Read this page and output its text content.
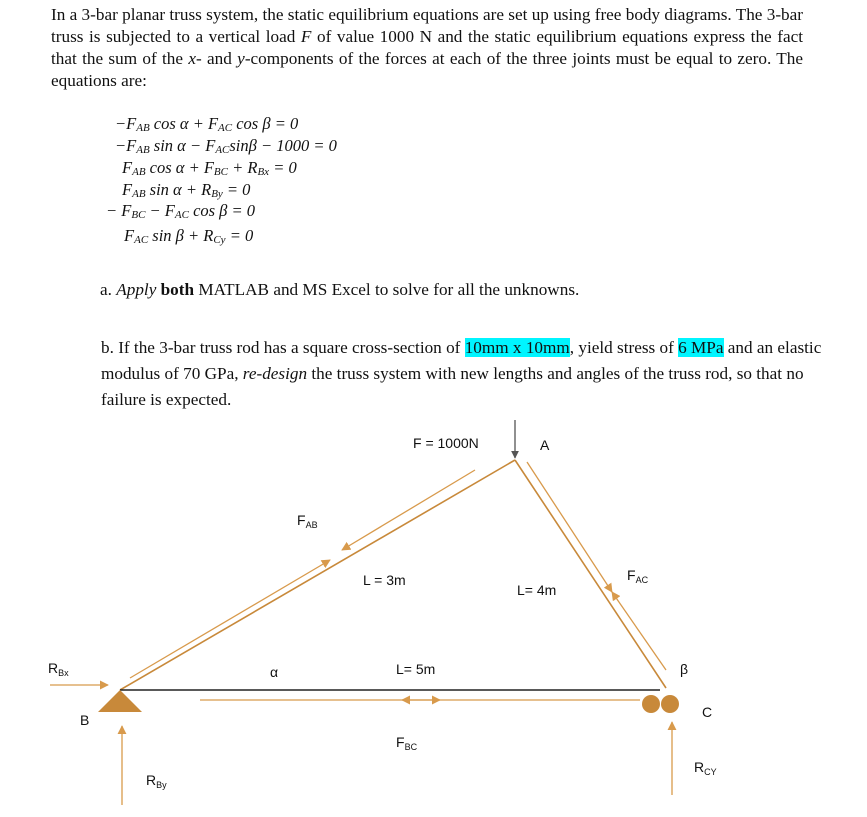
In a 3-bar planar truss system, the static equilibrium equations are set up using free body diagrams. The 3-bar truss is subjected to a vertical load F of value 1000 N and the static equilibrium equations express the fact that the sum of the x- and y-components of the forces at each of the three joints must be equal to zero. The equations are:
$-F_{AB}$ $\cos \alpha + F_{AC}$ cos β = 0
$-F_{AB}$ $\sin \alpha - F_{AC}\sin\beta - 1000 = 0$
$F_{AB}$ $\cos \alpha + F_{BC} + R_{Bx} = 0$
$F_{AB}$ $\sin \alpha + R_{By} = 0$
− $F_{BC} - F_{AC}$ cos β = 0
$F_{AC}$ $\sin \beta + R_{Cy} = 0$
a. Apply both MATLAB and MS Excel to solve for all the unknowns.
b. If the 3-bar truss rod has a square cross-section of 10mm x 10mm, yield stress of 6 MPa and an elastic modulus of 70 GPa, re-design the truss system with new lengths and angles of the truss rod, so that no failure is expected.
F = 1000N	A
B	C
$F_{AB}$
$F_{AC}$
$F_{BC}$
L = 3m
L= 4m
L= 5m
α	β
$R_{Bx}$
$R_{By}$
$R_{CY}$
